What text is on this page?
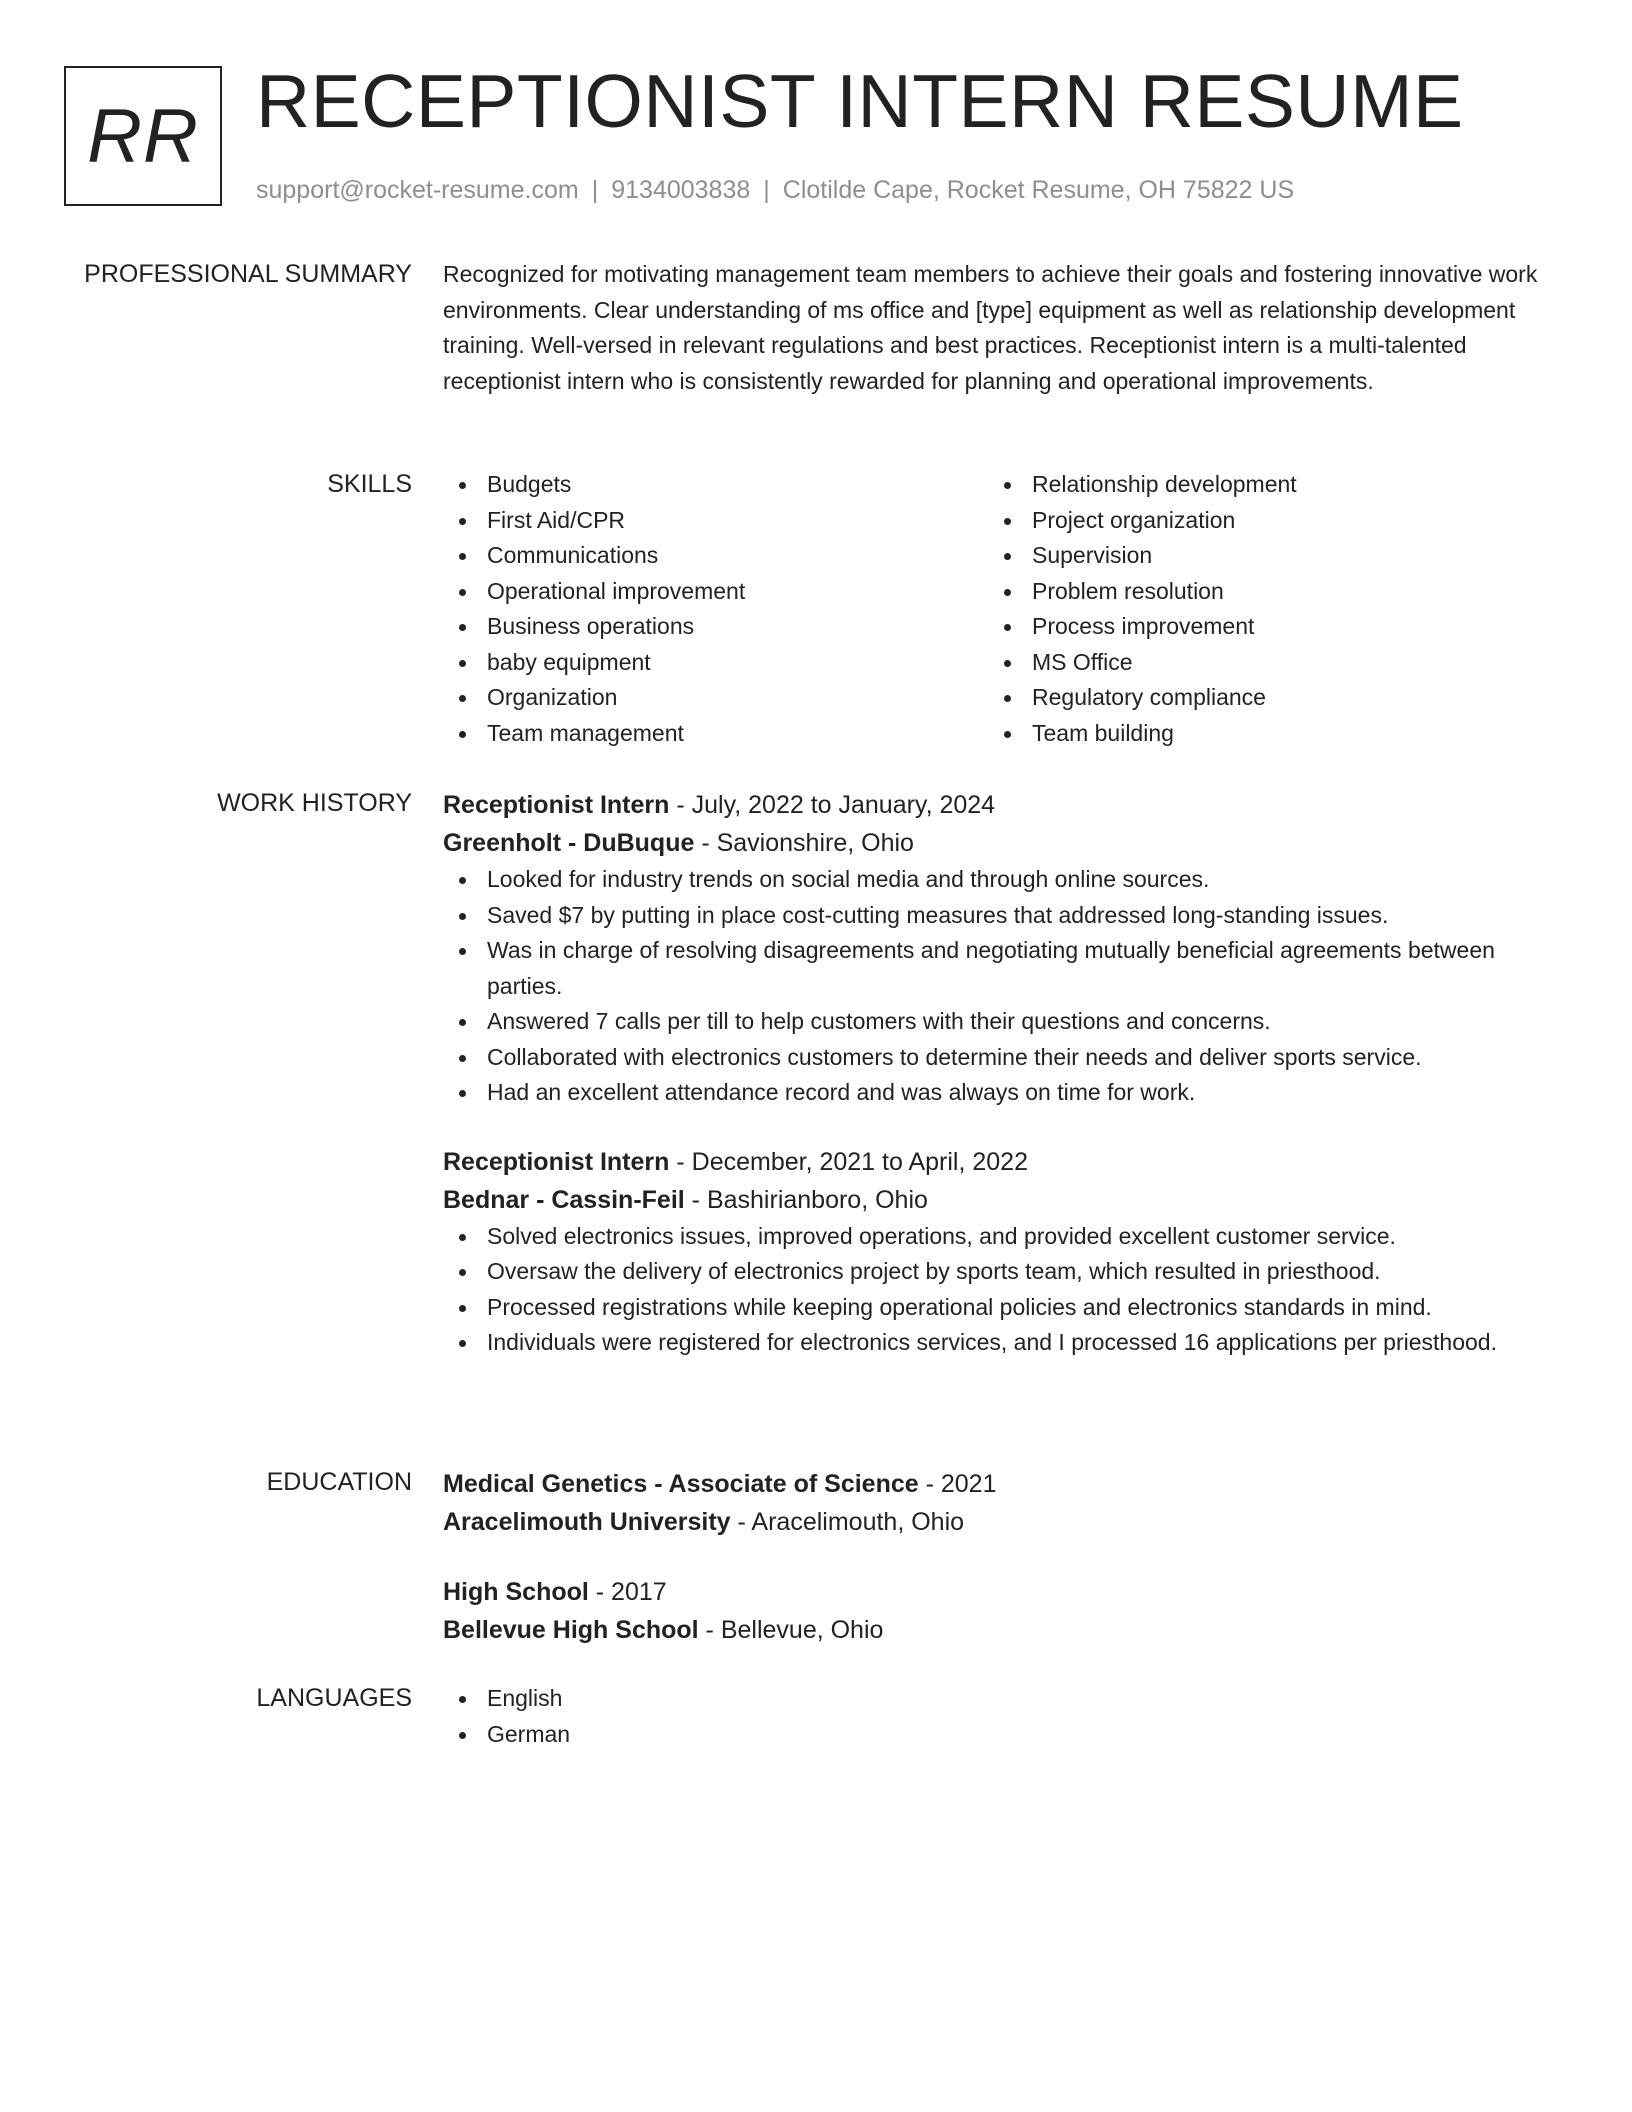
RR RECEPTIONIST INTERN RESUME
support@rocket-resume.com | 9134003838 | Clotilde Cape, Rocket Resume, OH 75822 US
PROFESSIONAL SUMMARY Recognized for motivating management team members to achieve their goals and fostering innovative work environments. Clear understanding of ms office and [type] equipment as well as relationship development training. Well-versed in relevant regulations and best practices. Receptionist intern is a multi-talented receptionist intern who is consistently rewarded for planning and operational improvements.

SKILLS	Budgets
First Aid/CPR
Communications
Operational improvement
Business operations
baby equipment
Organization
Team management
Relationship development
Project organization
Supervision
Problem resolution
Process improvement
MS Office
Regulatory compliance
Team building
WORK HISTORY Receptionist Intern - July, 2022 to January, 2024
Greenholt - DuBuque - Savionshire, Ohio
Looked for industry trends on social media and through online sources.
Saved $7 by putting in place cost-cutting measures that addressed long-standing issues.
Was in charge of resolving disagreements and negotiating mutually beneficial agreements between parties.
Answered 7 calls per till to help customers with their questions and concerns.
Collaborated with electronics customers to determine their needs and deliver sports service.
Had an excellent attendance record and was always on time for work.
Receptionist Intern - December, 2021 to April, 2022
Bednar - Cassin-Feil - Bashirianboro, Ohio
Solved electronics issues, improved operations, and provided excellent customer service.
Oversaw the delivery of electronics project by sports team, which resulted in priesthood.
Processed registrations while keeping operational policies and electronics standards in mind.
Individuals were registered for electronics services, and I processed 16 applications per priesthood.
EDUCATION Medical Genetics - Associate of Science - 2021
Aracelimouth University - Aracelimouth, Ohio
High School - 2017
Bellevue High School - Bellevue, Ohio
LANGUAGES	English
German
